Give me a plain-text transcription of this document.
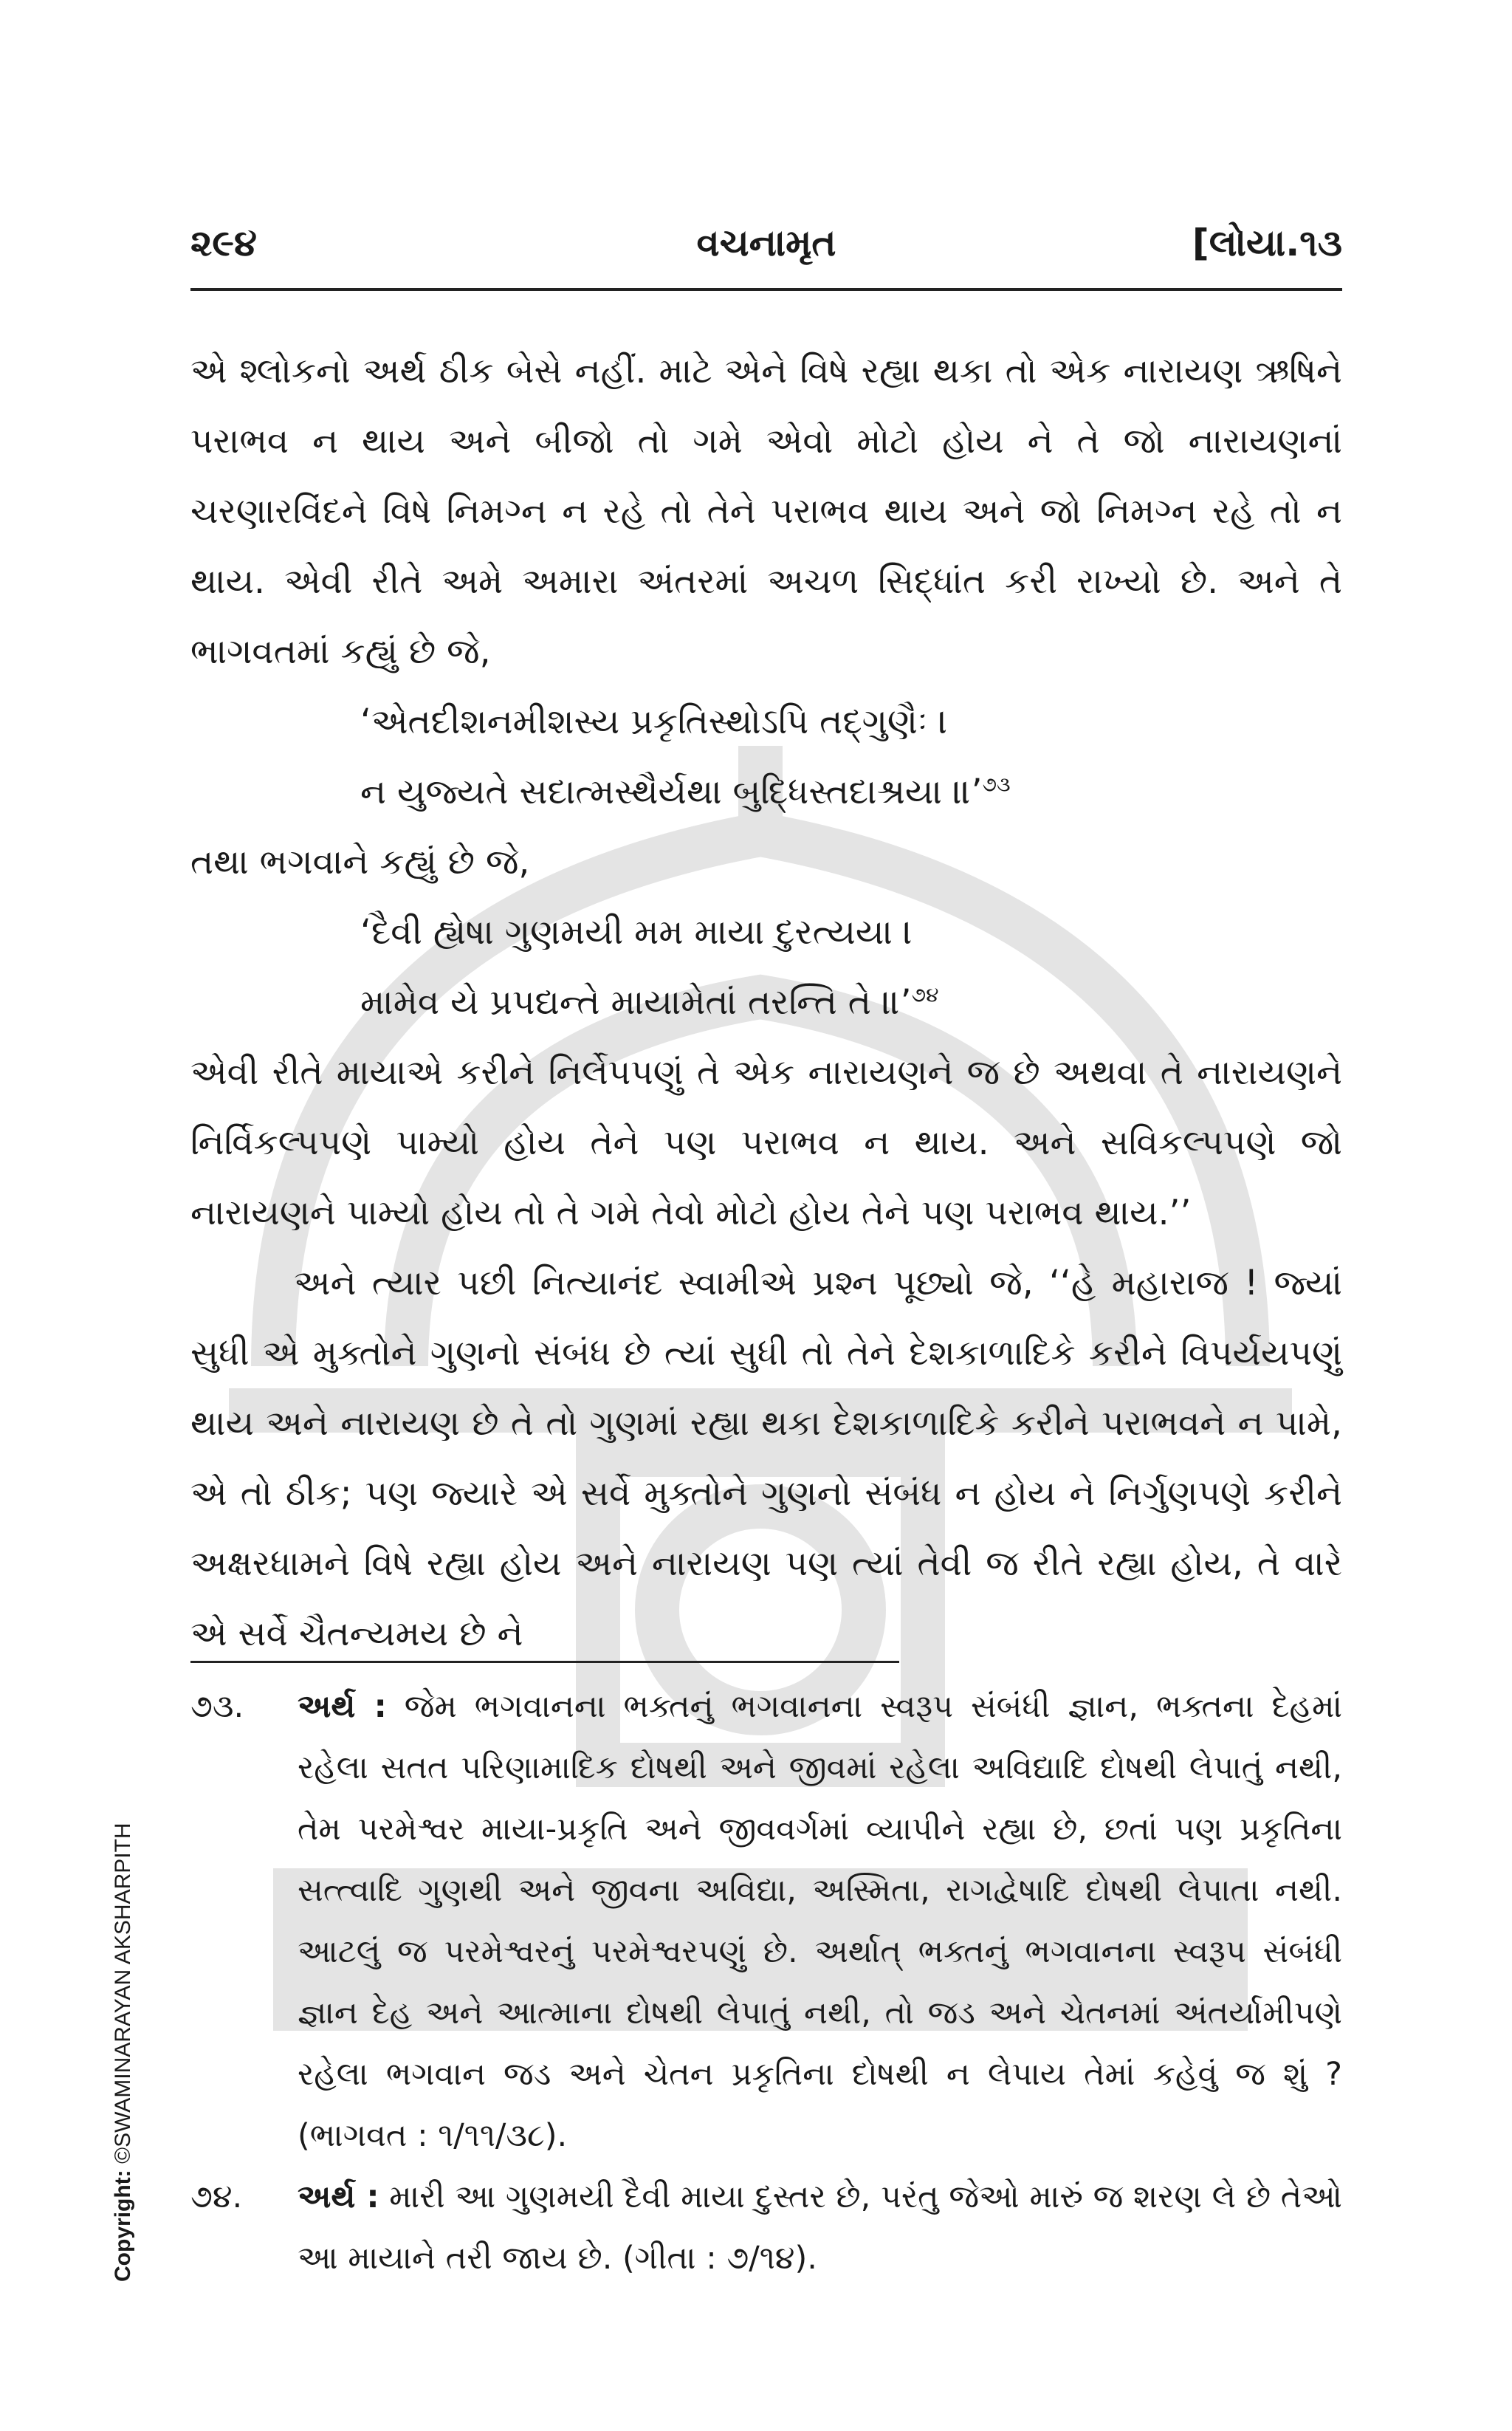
૨૯૪	વચનામૃત	[લોયા.૧૩

એ શ્લોકનો અર્થ ઠીક બેસે નહીં. માટે એને વિષે રહ્યા થકા તો એક નારાયણ ઋષિને પરાભવ ન થાય અને બીજો તો ગમે એવો મોટો હોય ને તે જો નારાયણનાં ચરણારવિંદને વિષે નિમગ્ન ન રહે તો તેને પરાભવ થાય અને જો નિમગ્ન રહે તો ન થાય. એવી રીતે અમે અમારા અંતરમાં અચળ સિદ્ધાંત કરી રાખ્યો છે. અને તે ભાગવતમાં કહ્યું છે જે,

‘એતદીશનમીશસ્ય પ્રકૃતિસ્થોઽપિ તદ્‌ગુણૈઃ ।
ન યુજ્યતે સદાત્મસ્થૈર્યથા બુદ્ધિસ્તદાશ્રયા ॥’$^{૭૩}$

તથા ભગવાને કહ્યું છે જે,

‘દૈવી હ્યેષા ગુણમયી મમ માયા દુરત્યયા ।
મામેવ યે પ્રપદ્યન્તે માયામેતાં તરન્તિ તે ॥’$^{૭૪}$

એવી રીતે માયાએ કરીને નિર્લેપપણું તે એક નારાયણને જ છે અથવા તે નારાયણને નિર્વિકલ્પપણે પામ્યો હોય તેને પણ પરાભવ ન થાય. અને સવિકલ્પપણે જો નારાયણને પામ્યો હોય તો તે ગમે તેવો મોટો હોય તેને પણ પરાભવ થાય.’’

અને ત્યાર પછી નિત્યાનંદ સ્વામીએ પ્રશ્ન પૂછ્યો જે, ‘‘હે મહારાજ ! જ્યાં સુધી એ મુક્તોને ગુણનો સંબંધ છે ત્યાં સુધી તો તેને દેશકાળાદિકે કરીને વિપર્યયપણું થાય અને નારાયણ છે તે તો ગુણમાં રહ્યા થકા દેશકાળાદિકે કરીને પરાભવને ન પામે, એ તો ઠીક; પણ જ્યારે એ સર્વે મુક્તોને ગુણનો સંબંધ ન હોય ને નિર્ગુણપણે કરીને અક્ષરધામને વિષે રહ્યા હોય અને નારાયણ પણ ત્યાં તેવી જ રીતે રહ્યા હોય, તે વારે એ સર્વે ચૈતન્યમય છે ને

૭૩.	અર્થ : જેમ ભગવાનના ભક્તનું ભગવાનના સ્વરૂપ સંબંધી જ્ઞાન, ભક્તના દેહમાં રહેલા સતત પરિણામાદિક દોષથી અને જીવમાં રહેલા અવિદ્યાદિ દોષથી લેપાતું નથી, તેમ પરમેશ્વર માયા-પ્રકૃતિ અને જીવવર્ગમાં વ્યાપીને રહ્યા છે, છતાં પણ પ્રકૃતિના સત્ત્વાદિ ગુણથી અને જીવના અવિદ્યા, અસ્મિતા, રાગદ્વેષાદિ દોષથી લેપાતા નથી. આટલું જ પરમેશ્વરનું પરમેશ્વરપણું છે. અર્થાત્ ભક્તનું ભગવાનના સ્વરૂપ સંબંધી જ્ઞાન દેહ અને આત્માના દોષથી લેપાતું નથી, તો જડ અને ચેતનમાં અંતર્યામીપણે રહેલા ભગવાન જડ અને ચેતન પ્રકૃતિના દોષથી ન લેપાય તેમાં કહેવું જ શું ? (ભાગવત : ૧/૧૧/૩૮).
૭૪.	અર્થ : મારી આ ગુણમયી દૈવી માયા દુસ્તર છે, પરંતુ જેઓ મારું જ શરણ લે છે તેઓ આ માયાને તરી જાય છે. (ગીતા : ૭/૧૪).
Copyright: ©SWAMINARAYAN AKSHARPITH
